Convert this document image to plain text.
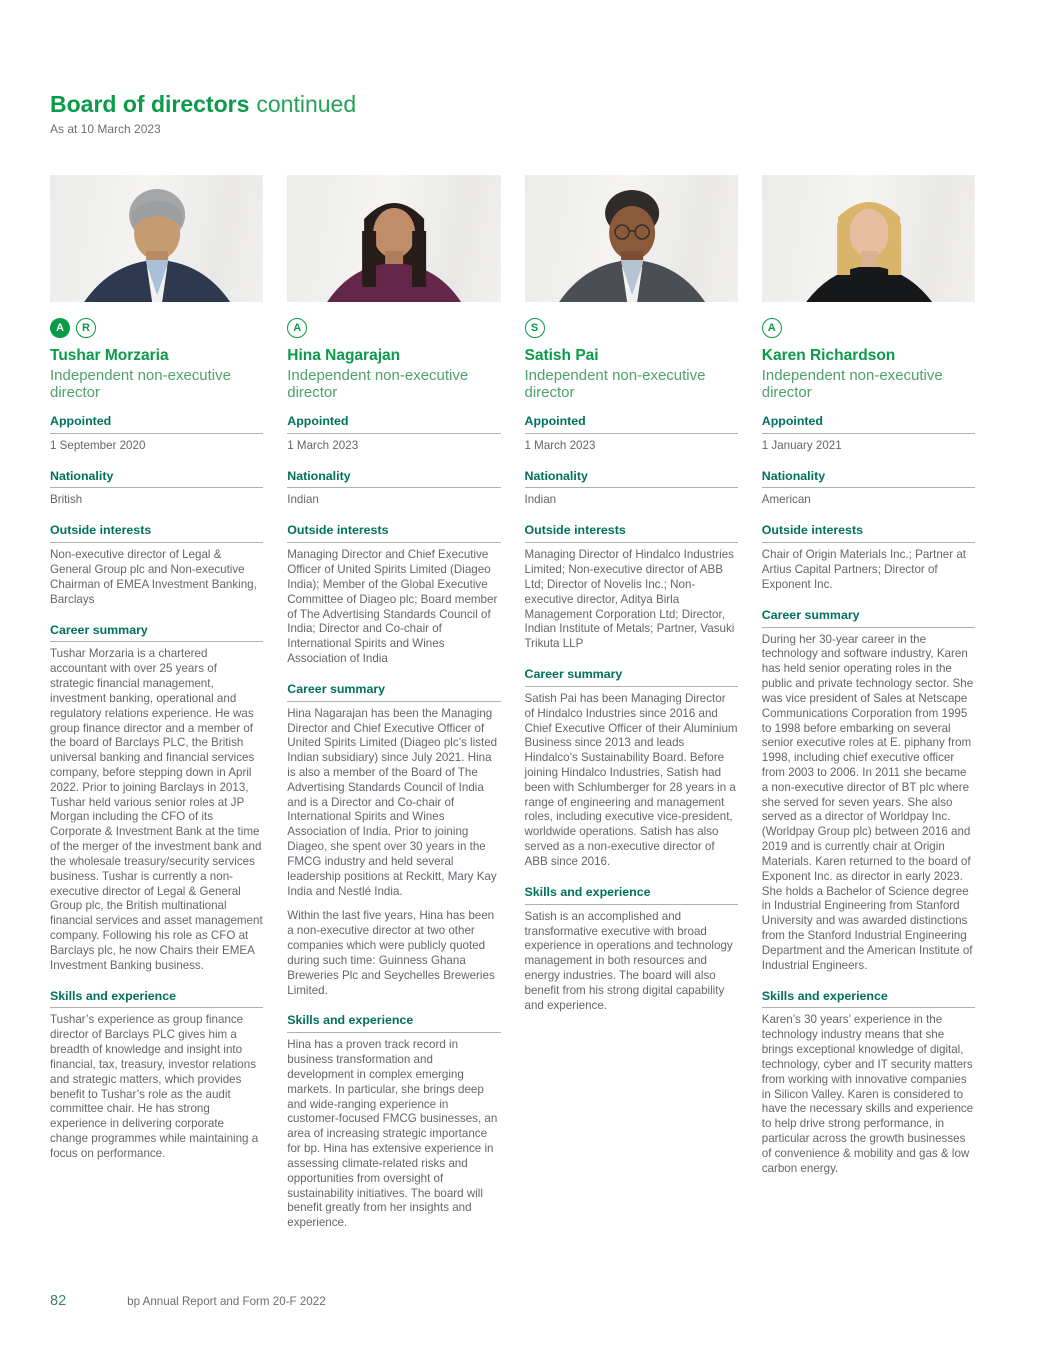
Board of directors continued

As at 10 March 2023

A	R
Tushar Morzaria
Independent non-executive director
Appointed

1 September 2020

Nationality

British

Outside interests

Non-executive director of Legal & General Group plc and Non-executive Chairman of EMEA Investment Banking, Barclays

Career summary

Tushar Morzaria is a chartered accountant with over 25 years of strategic financial management, investment banking, operational and regulatory relations experience. He was group finance director and a member of the board of Barclays PLC, the British universal banking and financial services company, before stepping down in April 2022. Prior to joining Barclays in 2013, Tushar held various senior roles at JP Morgan including the CFO of its Corporate & Investment Bank at the time of the merger of the investment bank and the wholesale treasury/security services business. Tushar is currently a non-executive director of Legal & General Group plc, the British multinational financial services and asset management company. Following his role as CFO at Barclays plc, he now Chairs their EMEA Investment Banking business.

Skills and experience

Tushar’s experience as group finance director of Barclays PLC gives him a breadth of knowledge and insight into financial, tax, treasury, investor relations and strategic matters, which provides benefit to Tushar’s role as the audit committee chair. He has strong experience in delivering corporate change programmes while maintaining a focus on performance.

A
Hina Nagarajan
Independent non-executive director
Appointed

1 March 2023

Nationality

Indian

Outside interests

Managing Director and Chief Executive Officer of United Spirits Limited (Diageo India); Member of the Global Executive Committee of Diageo plc; Board member of The Advertising Standards Council of India; Director and Co-chair of International Spirits and Wines Association of India

Career summary

Hina Nagarajan has been the Managing Director and Chief Executive Officer of United Spirits Limited (Diageo plc’s listed Indian subsidiary) since July 2021. Hina is also a member of the Board of The Advertising Standards Council of India and is a Director and Co-chair of International Spirits and Wines Association of India. Prior to joining Diageo, she spent over 30 years in the FMCG industry and held several leadership positions at Reckitt, Mary Kay India and Nestlé India.

Within the last five years, Hina has been a non-executive director at two other companies which were publicly quoted during such time: Guinness Ghana Breweries Plc and Seychelles Breweries Limited.

Skills and experience

Hina has a proven track record in business transformation and development in complex emerging markets. In particular, she brings deep and wide-ranging experience in customer-focused FMCG businesses, an area of increasing strategic importance for bp. Hina has extensive experience in assessing climate-related risks and opportunities from oversight of sustainability initiatives. The board will benefit greatly from her insights and experience.

S
Satish Pai
Independent non-executive director
Appointed

1 March 2023

Nationality

Indian

Outside interests

Managing Director of Hindalco Industries Limited; Non-executive director of ABB Ltd; Director of Novelis Inc.; Non-executive director, Aditya Birla Management Corporation Ltd; Director, Indian Institute of Metals; Partner, Vasuki Trikuta LLP

Career summary

Satish Pai has been Managing Director of Hindalco Industries since 2016 and Chief Executive Officer of their Aluminium Business since 2013 and leads Hindalco’s Sustainability Board. Before joining Hindalco Industries, Satish had been with Schlumberger for 28 years in a range of engineering and management roles, including executive vice-president, worldwide operations. Satish has also served as a non-executive director of ABB since 2016.

Skills and experience

Satish is an accomplished and transformative executive with broad experience in operations and technology management in both resources and energy industries. The board will also benefit from his strong digital capability and experience.

A
Karen Richardson
Independent non-executive director
Appointed

1 January 2021

Nationality

American

Outside interests

Chair of Origin Materials Inc.; Partner at Artius Capital Partners; Director of Exponent Inc.

Career summary

During her 30-year career in the technology and software industry, Karen has held senior operating roles in the public and private technology sector. She was vice president of Sales at Netscape Communications Corporation from 1995 to 1998 before embarking on several senior executive roles at E. piphany from 1998, including chief executive officer from 2003 to 2006. In 2011 she became a non-executive director of BT plc where she served for seven years. She also served as a director of Worldpay Inc. (Worldpay Group plc) between 2016 and 2019 and is currently chair at Origin Materials. Karen returned to the board of Exponent Inc. as director in early 2023. She holds a Bachelor of Science degree in Industrial Engineering from Stanford University and was awarded distinctions from the Stanford Industrial Engineering Department and the American Institute of Industrial Engineers.

Skills and experience

Karen’s 30 years’ experience in the technology industry means that she brings exceptional knowledge of digital, technology, cyber and IT security matters from working with innovative companies in Silicon Valley. Karen is considered to have the necessary skills and experience to help drive strong performance, in particular across the growth businesses of convenience & mobility and gas & low carbon energy.

82	bp Annual Report and Form 20-F 2022
